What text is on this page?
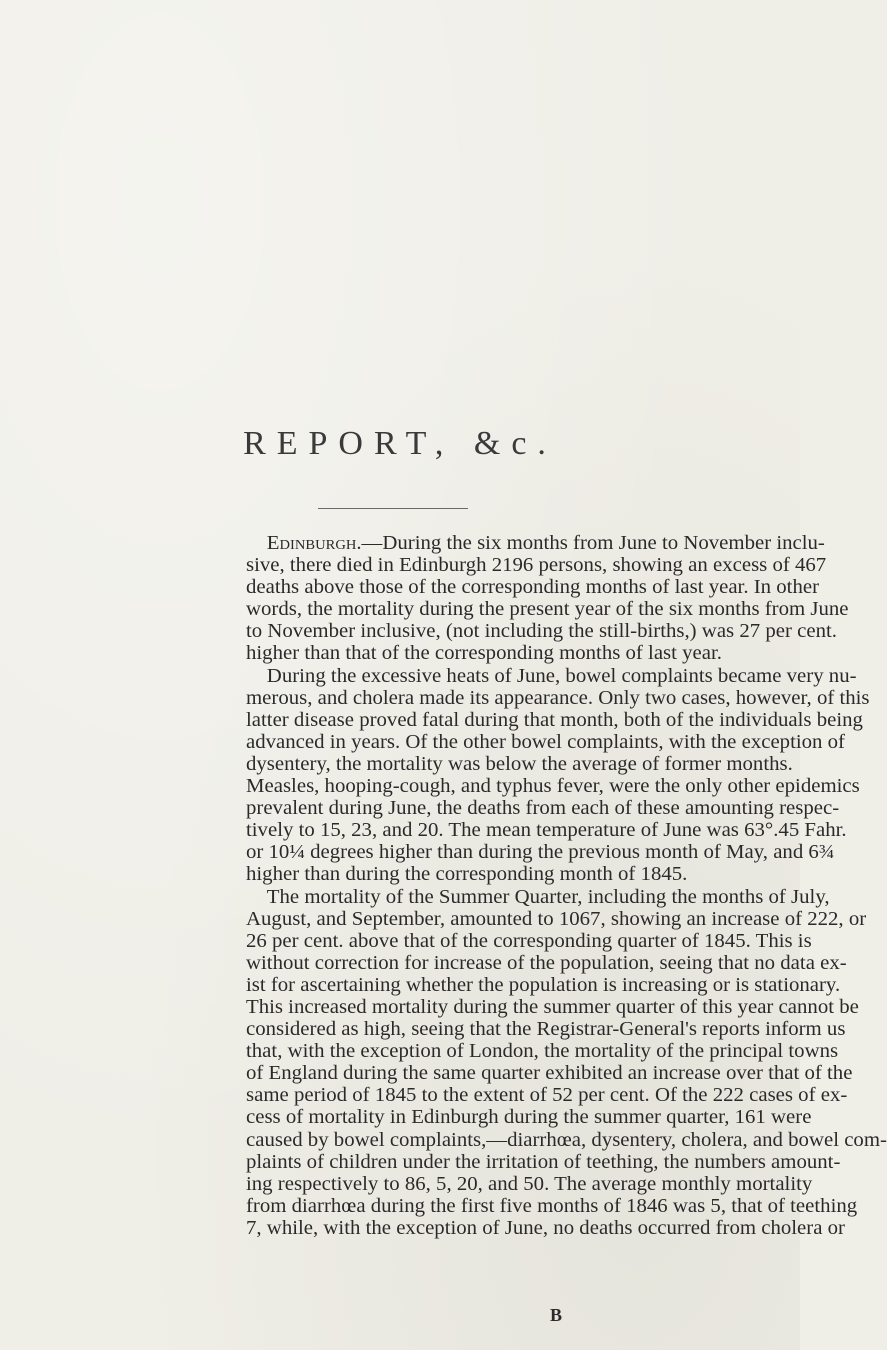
REPORT, &c.
Edinburgh.—During the six months from June to November inclu-
sive, there died in Edinburgh 2196 persons, showing an excess of 467
deaths above those of the corresponding months of last year. In other
words, the mortality during the present year of the six months from June
to November inclusive, (not including the still-births,) was 27 per cent.
higher than that of the corresponding months of last year.
During the excessive heats of June, bowel complaints became very nu-
merous, and cholera made its appearance. Only two cases, however, of this
latter disease proved fatal during that month, both of the individuals being
advanced in years. Of the other bowel complaints, with the exception of
dysentery, the mortality was below the average of former months.
Measles, hooping-cough, and typhus fever, were the only other epidemics
prevalent during June, the deaths from each of these amounting respec-
tively to 15, 23, and 20. The mean temperature of June was 63°.45 Fahr.
or 10¼ degrees higher than during the previous month of May, and 6¾
higher than during the corresponding month of 1845.
The mortality of the Summer Quarter, including the months of July,
August, and September, amounted to 1067, showing an increase of 222, or
26 per cent. above that of the corresponding quarter of 1845. This is
without correction for increase of the population, seeing that no data ex-
ist for ascertaining whether the population is increasing or is stationary.
This increased mortality during the summer quarter of this year cannot be
considered as high, seeing that the Registrar-General's reports inform us
that, with the exception of London, the mortality of the principal towns
of England during the same quarter exhibited an increase over that of the
same period of 1845 to the extent of 52 per cent. Of the 222 cases of ex-
cess of mortality in Edinburgh during the summer quarter, 161 were
caused by bowel complaints,—diarrhœa, dysentery, cholera, and bowel com-
plaints of children under the irritation of teething, the numbers amount-
ing respectively to 86, 5, 20, and 50. The average monthly mortality
from diarrhœa during the first five months of 1846 was 5, that of teething
7, while, with the exception of June, no deaths occurred from cholera or
B
